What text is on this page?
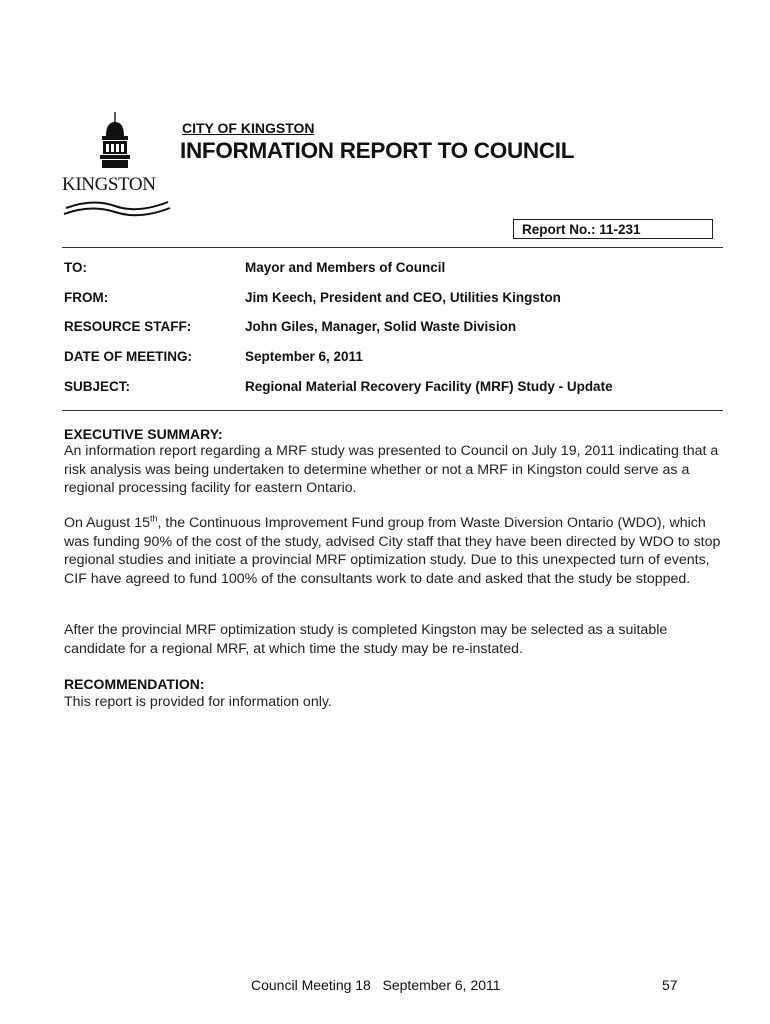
KINGSTON
CITY OF KINGSTON
INFORMATION REPORT TO COUNCIL
Report No.: 11-231
TO:	Mayor and Members of Council
FROM:	Jim Keech, President and CEO, Utilities Kingston
RESOURCE STAFF:	John Giles, Manager, Solid Waste Division
DATE OF MEETING:	September 6, 2011
SUBJECT:	Regional Material Recovery Facility (MRF) Study - Update
EXECUTIVE SUMMARY:
An information report regarding a MRF study was presented to Council on July 19, 2011 indicating that a risk analysis was being undertaken to determine whether or not a MRF in Kingston could serve as a regional processing facility for eastern Ontario.
On August 15th, the Continuous Improvement Fund group from Waste Diversion Ontario (WDO), which was funding 90% of the cost of the study, advised City staff that they have been directed by WDO to stop regional studies and initiate a provincial MRF optimization study. Due to this unexpected turn of events, CIF have agreed to fund 100% of the consultants work to date and asked that the study be stopped.
After the provincial MRF optimization study is completed Kingston may be selected as a suitable candidate for a regional MRF, at which time the study may be re-instated.
RECOMMENDATION:
This report is provided for information only.
Council Meeting 18   September 6, 2011	57
